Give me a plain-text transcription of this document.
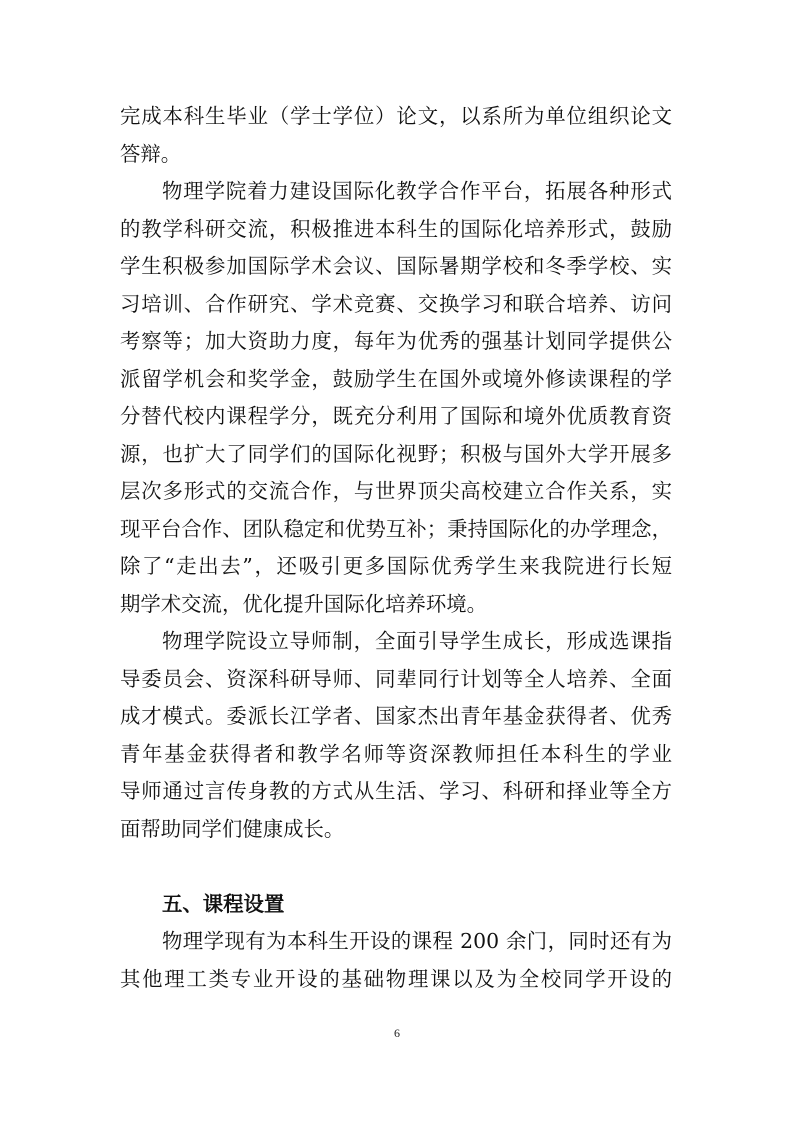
完成本科生毕业（学士学位）论文，以系所为单位组织论文
答辩。
物理学院着力建设国际化教学合作平台，拓展各种形式
的教学科研交流，积极推进本科生的国际化培养形式，鼓励
学生积极参加国际学术会议、国际暑期学校和冬季学校、实
习培训、合作研究、学术竞赛、交换学习和联合培养、访问
考察等；加大资助力度，每年为优秀的强基计划同学提供公
派留学机会和奖学金，鼓励学生在国外或境外修读课程的学
分替代校内课程学分，既充分利用了国际和境外优质教育资
源，也扩大了同学们的国际化视野；积极与国外大学开展多
层次多形式的交流合作，与世界顶尖高校建立合作关系，实
现平台合作、团队稳定和优势互补；秉持国际化的办学理念，
除了“走出去”，还吸引更多国际优秀学生来我院进行长短
期学术交流，优化提升国际化培养环境。
物理学院设立导师制，全面引导学生成长，形成选课指
导委员会、资深科研导师、同辈同行计划等全人培养、全面
成才模式。委派长江学者、国家杰出青年基金获得者、优秀
青年基金获得者和教学名师等资深教师担任本科生的学业
导师通过言传身教的方式从生活、学习、科研和择业等全方
面帮助同学们健康成长。
五、课程设置
物理学现有为本科生开设的课程 200 余门，同时还有为
其他理工类专业开设的基础物理课以及为全校同学开设的
6
